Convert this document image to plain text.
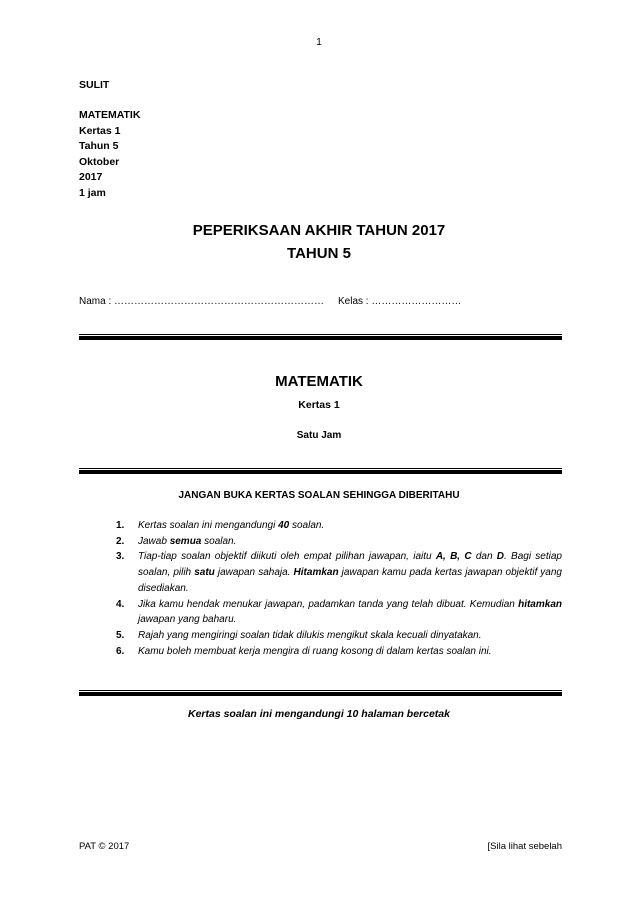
1
SULIT
MATEMATIK
Kertas 1
Tahun 5
Oktober
2017
1 jam
PEPERIKSAAN AKHIR TAHUN 2017
TAHUN 5
Nama : ……………………………………………………… Kelas : ………………………
MATEMATIK
Kertas 1
Satu Jam
JANGAN BUKA KERTAS SOALAN SEHINGGA DIBERITAHU
1. Kertas soalan ini mengandungi 40 soalan.
2. Jawab semua soalan.
3. Tiap-tiap soalan objektif diikuti oleh empat pilihan jawapan, iaitu A, B, C dan D. Bagi setiap soalan, pilih satu jawapan sahaja. Hitamkan jawapan kamu pada kertas jawapan objektif yang disediakan.
4. Jika kamu hendak menukar jawapan, padamkan tanda yang telah dibuat. Kemudian hitamkan jawapan yang baharu.
5. Rajah yang mengiringi soalan tidak dilukis mengikut skala kecuali dinyatakan.
6. Kamu boleh membuat kerja mengira di ruang kosong di dalam kertas soalan ini.
Kertas soalan ini mengandungi 10 halaman bercetak
PAT © 2017	[Sila lihat sebelah
